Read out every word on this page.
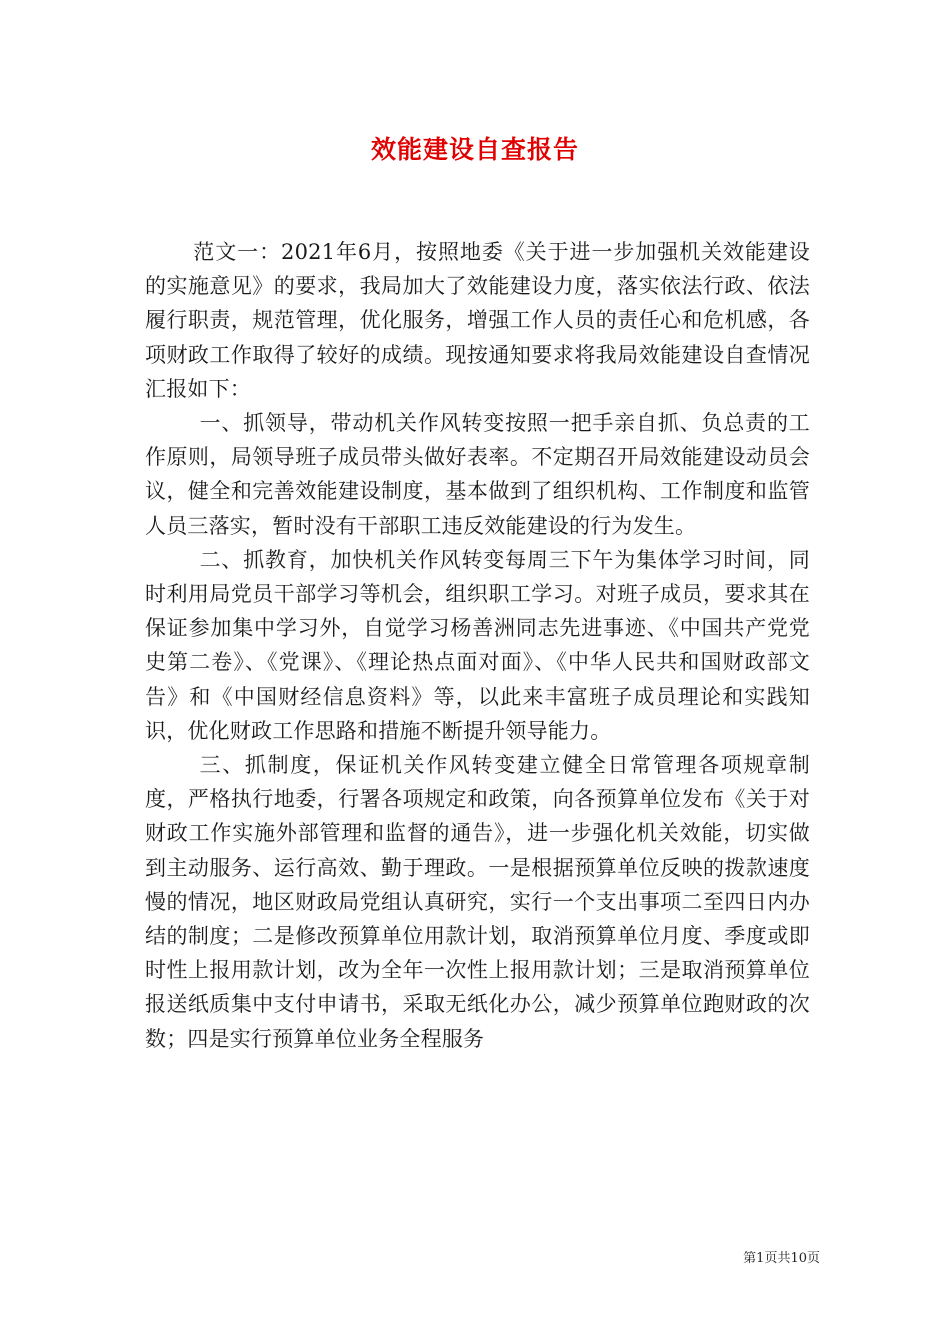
效能建设自查报告

范文一：2021年6月，按照地委《关于进一步加强机关效能建设的实施意见》的要求，我局加大了效能建设力度，落实依法行政、依法履行职责，规范管理，优化服务，增强工作人员的责任心和危机感，各项财政工作取得了较好的成绩。现按通知要求将我局效能建设自查情况汇报如下：

一、抓领导，带动机关作风转变按照一把手亲自抓、负总责的工作原则，局领导班子成员带头做好表率。不定期召开局效能建设动员会议，健全和完善效能建设制度，基本做到了组织机构、工作制度和监管人员三落实，暂时没有干部职工违反效能建设的行为发生。

二、抓教育，加快机关作风转变每周三下午为集体学习时间，同时利用局党员干部学习等机会，组织职工学习。对班子成员，要求其在保证参加集中学习外，自觉学习杨善洲同志先进事迹、《中国共产党党史第二卷》、《党课》、《理论热点面对面》、《中华人民共和国财政部文告》和《中国财经信息资料》等，以此来丰富班子成员理论和实践知识，优化财政工作思路和措施不断提升领导能力。

三、抓制度，保证机关作风转变建立健全日常管理各项规章制度，严格执行地委，行署各项规定和政策，向各预算单位发布《关于对财政工作实施外部管理和监督的通告》，进一步强化机关效能，切实做到主动服务、运行高效、勤于理政。一是根据预算单位反映的拨款速度慢的情况，地区财政局党组认真研究，实行一个支出事项二至四日内办结的制度；二是修改预算单位用款计划，取消预算单位月度、季度或即时性上报用款计划，改为全年一次性上报用款计划；三是取消预算单位报送纸质集中支付申请书，采取无纸化办公，减少预算单位跑财政的次数；四是实行预算单位业务全程服务

第1页共10页
